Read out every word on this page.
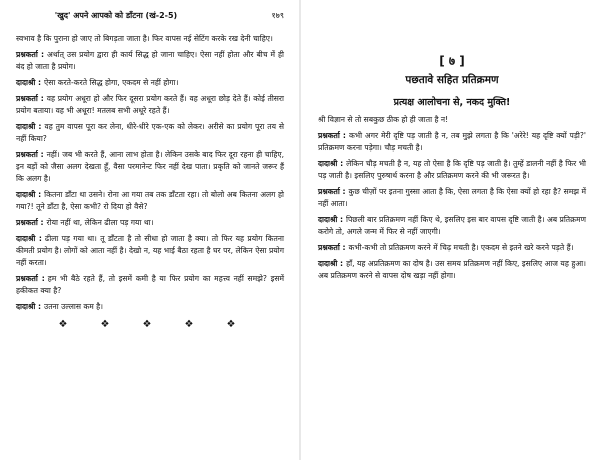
'खुद' अपने आपको को डाँटना (खं-2-5)	१७९

स्वभाव है कि पुराना हो जाए तो बिगड़ता जाता है। फिर वापस नई सेटिंग करके रख देनी चाहिए।

प्रश्नकर्ता : अर्थात् उस प्रयोग द्वारा ही कार्य सिद्ध हो जाना चाहिए। ऐसा नहीं होता और बीच में ही बंद हो जाता है प्रयोग।

दादाश्री : ऐसा करते-करते सिद्ध होगा, एकदम से नहीं होगा।

प्रश्नकर्ता : वह प्रयोग अधूरा हो और फिर दूसरा प्रयोग करते हैं। वह अधूरा छोड़ देते हैं। कोई तीसरा प्रयोग बताया। वह भी अधूरा! मतलब सभी अधूरे रहते हैं।

दादाश्री : वह तुम वापस पूरा कर लेना, धीरे-धीरे एक-एक को लेकर। अरीसे का प्रयोग पूरा तय से नहीं किया?

प्रश्नकर्ता : नहीं। जब भी करते हैं, आना लाभ होता है। लेकिन उसके बाद फिर दूरा रहना ही चाहिए, इन बड़ों को जैसा अलग देखता हूँ, वैसा परमानेन्ट फिर नहीं देख पाता। प्रकृति को जानते जरूर हैं कि अलग है।

दादाश्री : कितना डाँटा था उसने। रोना आ गया तब तक डाँटता रहा। तो बोलो अब कितना अलग हो गया?! तूने डाँटा है, ऐसा कभी? रो दिया हो वैसे?

प्रश्नकर्ता : रोया नहीं था, लेकिन ढीला पड़ गया था।

दादाश्री : ढीला पड़ गया था। तू डाँटता है तो सीधा हो जाता है क्या। तो फिर यह प्रयोग कितना कीमती प्रयोग है। लोगों को आता नहीं है। देखो न, यह भाई बैठा रहता है घर पर, लेकिन ऐसा प्रयोग नहीं करता।

प्रश्नकर्ता : हम भी बैठे रहते हैं, तो इसमें कमी है या फिर प्रयोग का महत्त्व नहीं समझे? इसमें हकीकत क्या है?

दादाश्री : उतना उल्लास कम है।

❖	❖	❖	❖	❖
[ ७ ]
पछतावे सहित प्रतिक्रमण
प्रत्यक्ष आलोचना से, नकद मुक्ति!

श्री विज्ञान से तो सबकुछ ठीक हो ही जाता है न!

प्रश्नकर्ता : कभी अगर मेरी दृष्टि पड़ जाती है न, तब मुझे लगता है कि 'अरेरे! यह दृष्टि क्यों पड़ी?' प्रतिक्रमण करना पड़ेगा। चौड़ मचती है।

दादाश्री : लेकिन चौड़ मचती है न, यह तो ऐसा है कि दृष्टि पड़ जाती है। तुम्हें डालनी नहीं है फिर भी पड़ जाती है। इसलिए पुरुषार्थ करना है और प्रतिक्रमण करने की भी जरूरत है।

प्रश्नकर्ता : कुछ चीज़ों पर इतना गुस्सा आता है कि, ऐसा लगता है कि ऐसा क्यों हो रहा है? समझ में नहीं आता।

दादाश्री : पिछली बार प्रतिक्रमण नहीं किए थे, इसलिए इस बार वापस दृष्टि जाती है। अब प्रतिक्रमण करोगे तो, अगले जन्म में फिर से नहीं जाएगी।

प्रश्नकर्ता : कभी-कभी तो प्रतिक्रमण करने में चिढ़ मचती है। एकदम से इतने खरे करने पड़ते हैं।

दादाश्री : हाँ, यह अप्रतिक्रमण का दोष है। उस समय प्रतिक्रमण नहीं किए, इसलिए आज यह हुआ। अब प्रतिक्रमण करने से वापस दोष खड़ा नहीं होगा।
